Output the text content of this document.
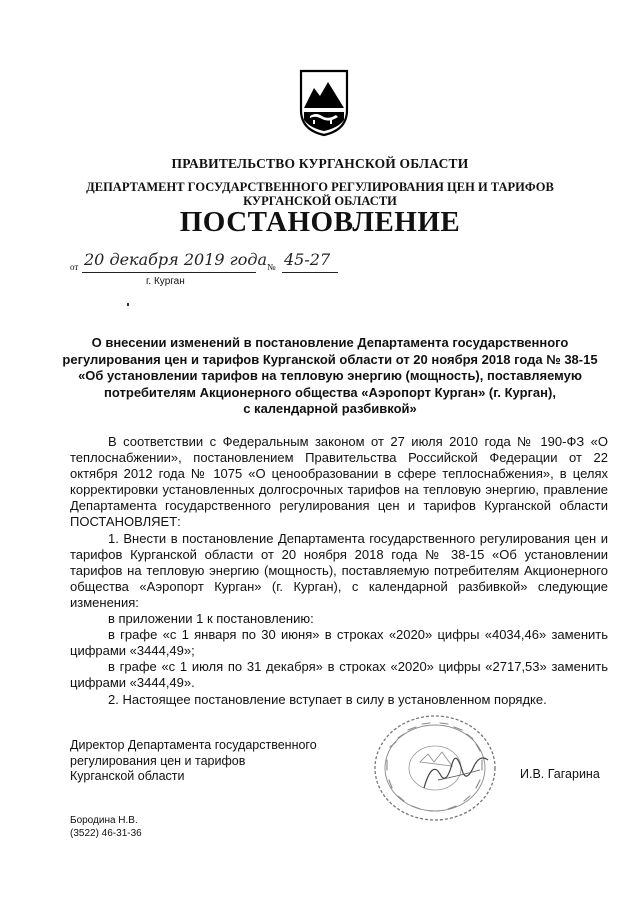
ПРАВИТЕЛЬСТВО КУРГАНСКОЙ ОБЛАСТИ
ДЕПАРТАМЕНТ ГОСУДАРСТВЕННОГО РЕГУЛИРОВАНИЯ ЦЕН И ТАРИФОВ
КУРГАНСКОЙ ОБЛАСТИ
ПОСТАНОВЛЕНИЕ
от 20 декабря 2019 года № 45-27
г. Курган
О внесении изменений в постановление Департамента государственного
регулирования цен и тарифов Курганской области от 20 ноября 2018 года № 38-15
«Об установлении тарифов на тепловую энергию (мощность), поставляемую
потребителям Акционерного общества «Аэропорт Курган» (г. Курган),
с календарной разбивкой»

В соответствии с Федеральным законом от 27 июля 2010 года № 190-ФЗ «О теплоснабжении», постановлением Правительства Российской Федерации от 22 октября 2012 года № 1075 «О ценообразовании в сфере теплоснабжения», в целях корректировки установленных долгосрочных тарифов на тепловую энергию, правление Департамента государственного регулирования цен и тарифов Курганской области ПОСТАНОВЛЯЕТ:

1. Внести в постановление Департамента государственного регулирования цен и тарифов Курганской области от 20 ноября 2018 года № 38-15 «Об установлении тарифов на тепловую энергию (мощность), поставляемую потребителям Акционерного общества «Аэропорт Курган» (г. Курган), с календарной разбивкой» следующие изменения:

в приложении 1 к постановлению:

в графе «с 1 января по 30 июня» в строках «2020» цифры «4034,46» заменить цифрами «3444,49»;

в графе «с 1 июля по 31 декабря» в строках «2020» цифры «2717,53» заменить цифрами «3444,49».

2. Настоящее постановление вступает в силу в установленном порядке.

Директор Департамента государственного
регулирования цен и тарифов
Курганской области	И.В. Гагарина
Бородина Н.В.
(3522) 46-31-36
